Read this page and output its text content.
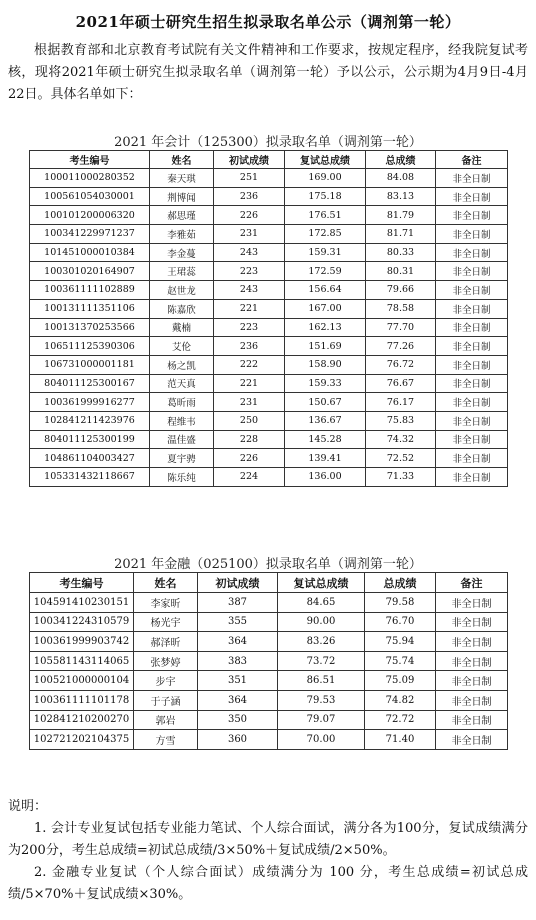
2021年硕士研究生招生拟录取名单公示（调剂第一轮）
根据教育部和北京教育考试院有关文件精神和工作要求，按规定程序，经我院复试考核，现将2021年硕士研究生拟录取名单（调剂第一轮）予以公示，公示期为4月9日-4月22日。具体名单如下：
2021 年会计（125300）拟录取名单（调剂第一轮）
考生编号	姓名	初试成绩	复试总成绩	总成绩	备注
100011000280352	秦天琪	251	169.00	84.08	非全日制
100561054030001	荆博闻	236	175.18	83.13	非全日制
100101200006320	郝思瑾	226	176.51	81.79	非全日制
100341229971237	李雅茹	231	172.85	81.71	非全日制
101451000010384	李金蔓	243	159.31	80.33	非全日制
100301020164907	王珺蕊	223	172.59	80.31	非全日制
100361111102889	赵世龙	243	156.64	79.66	非全日制
100131111351106	陈嘉欣	221	167.00	78.58	非全日制
100131370253566	戴楠	223	162.13	77.70	非全日制
106511125390306	艾伦	236	151.69	77.26	非全日制
106731000001181	杨之凯	222	158.90	76.72	非全日制
804011125300167	范天真	221	159.33	76.67	非全日制
100361999916277	葛昕雨	231	150.67	76.17	非全日制
102841211423976	程维韦	250	136.67	75.83	非全日制
804011125300199	温佳盛	228	145.28	74.32	非全日制
104861104003427	夏宇骋	226	139.41	72.52	非全日制
105331432118667	陈乐纯	224	136.00	71.33	非全日制
2021 年金融（025100）拟录取名单（调剂第一轮）
考生编号	姓名	初试成绩	复试总成绩	总成绩	备注
104591410230151	李家昕	387	84.65	79.58	非全日制
100341224310579	杨光宇	355	90.00	76.70	非全日制
100361999903742	郝泽昕	364	83.26	75.94	非全日制
105581143114065	张梦婷	383	73.72	75.74	非全日制
100521000000104	步宇	351	86.51	75.09	非全日制
100361111101178	于子涵	364	79.53	74.82	非全日制
102841210200270	郭岩	350	79.07	72.72	非全日制
102721202104375	方雪	360	70.00	71.40	非全日制
说明：

1. 会计专业复试包括专业能力笔试、个人综合面试，满分各为100分，复试成绩满分为200分，考生总成绩=初试总成绩/3×50%＋复试成绩/2×50%。

2. 金融专业复试（个人综合面试）成绩满分为 100 分，考生总成绩=初试总成绩/5×70%＋复试成绩×30%。
